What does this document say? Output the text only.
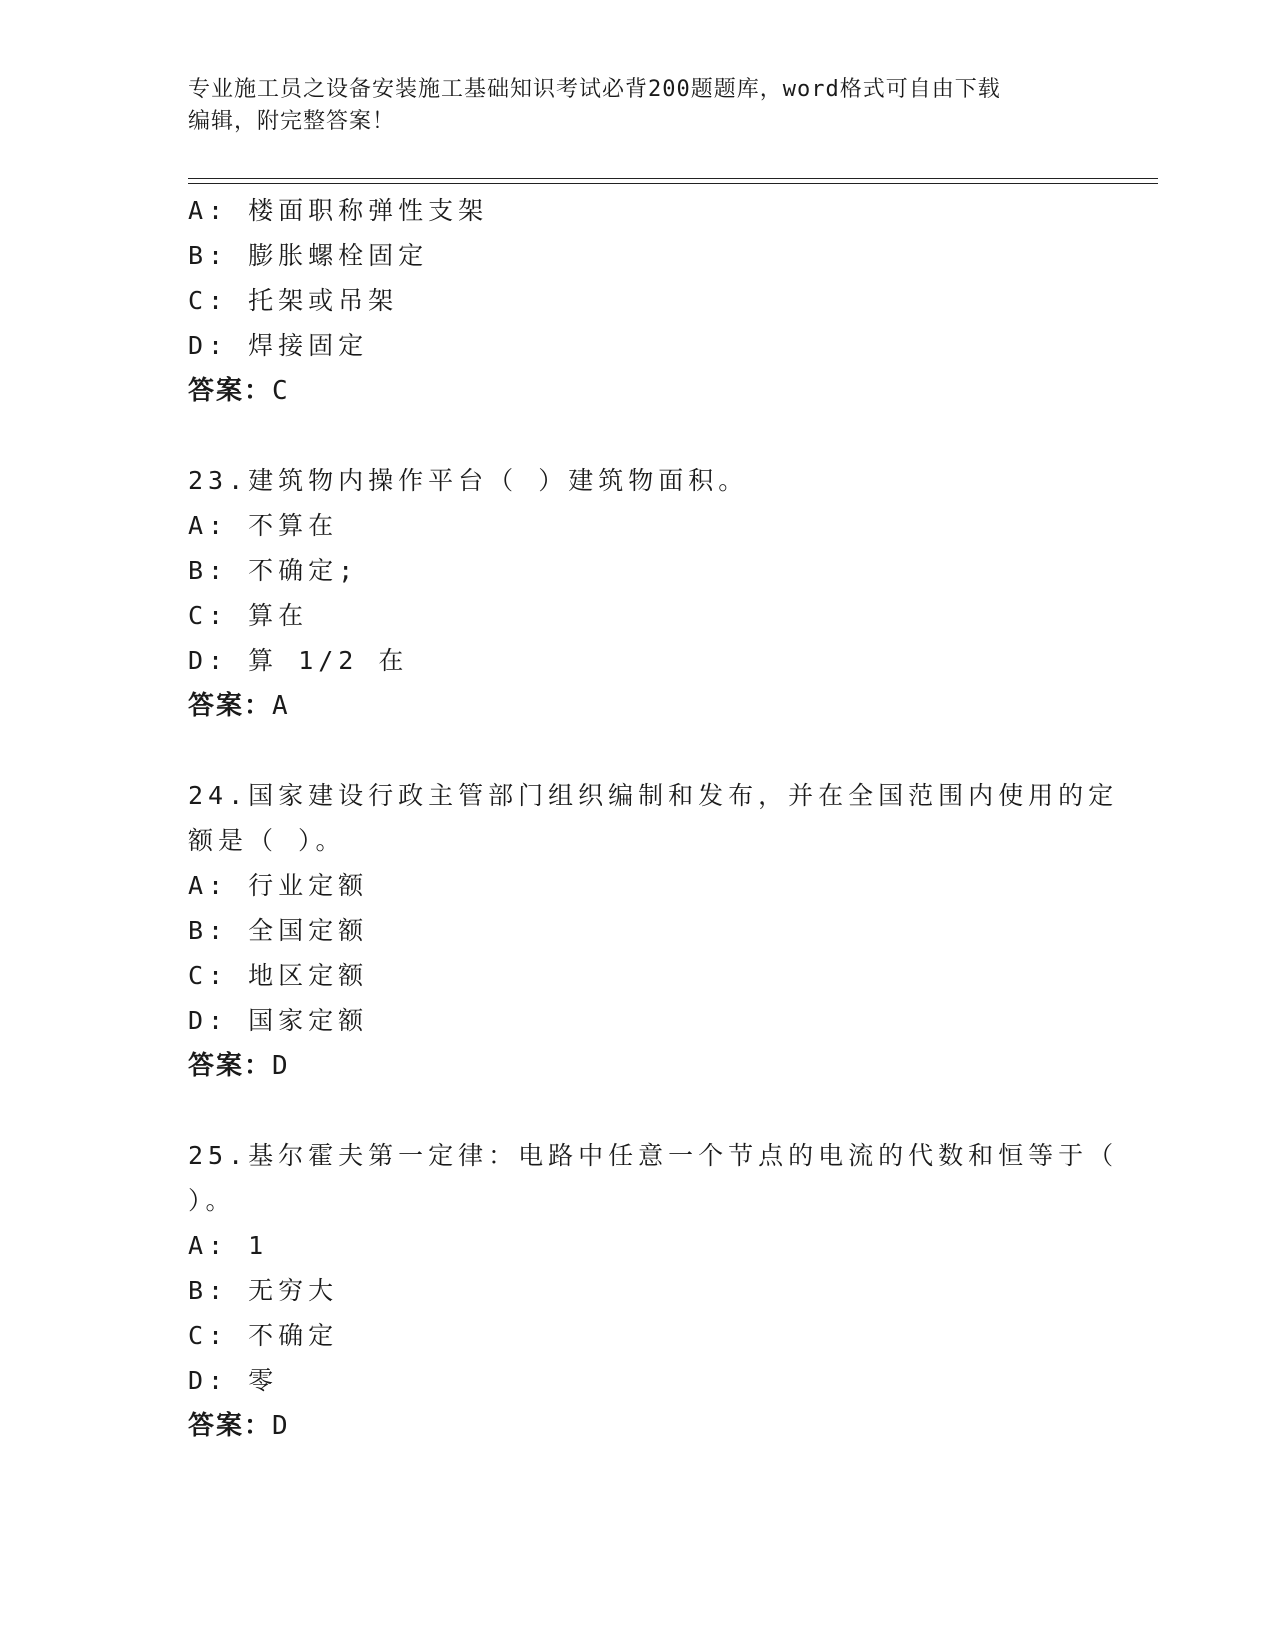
专业施工员之设备安装施工基础知识考试必背200题题库，word格式可自由下载
编辑，附完整答案！
A: 楼面职称弹性支架
B: 膨胀螺栓固定
C: 托架或吊架
D: 焊接固定
答案：C
23.建筑物内操作平台（ ）建筑物面积。
A: 不算在
B: 不确定;
C: 算在
D: 算 1/2 在
答案：A
24.国家建设行政主管部门组织编制和发布，并在全国范围内使用的定
额是（ ）。
A: 行业定额
B: 全国定额
C: 地区定额
D: 国家定额
答案：D
25.基尔霍夫第一定律：电路中任意一个节点的电流的代数和恒等于（
）。
A: 1
B: 无穷大
C: 不确定
D: 零
答案：D
